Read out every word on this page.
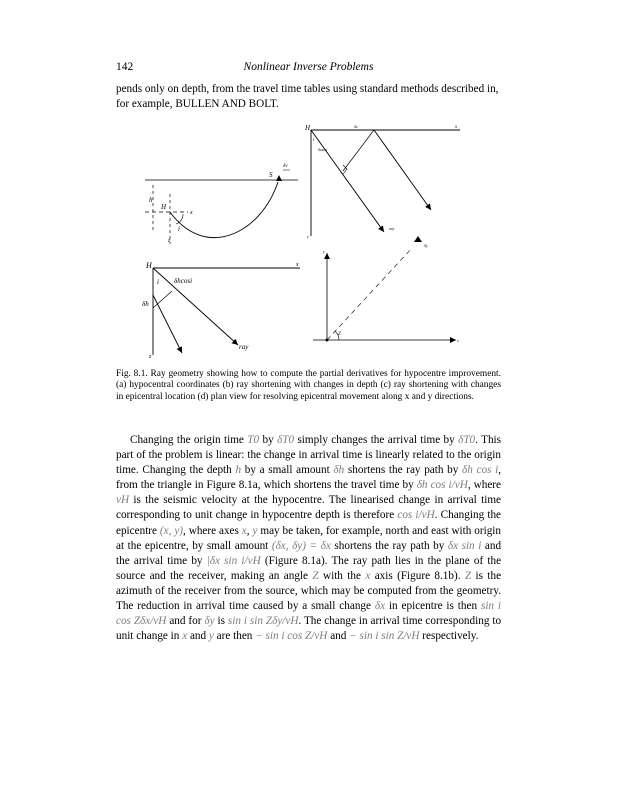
142	Nonlinear Inverse Problems
pends only on depth, from the travel time tables using standard methods described in, for example, BULLEN AND BOLT.
h
H
x
i
z
S
δv
H	x
i
δx
δxsini
ray
z
H	x
i δhcosi
δh
ray
z
y
x
Z
δy
Fig. 8.1. Ray geometry showing how to compute the partial derivatives for hypocentre improvement. (a) hypocentral coordinates (b) ray shortening with changes in depth (c) ray shortening with changes in epicentral location (d) plan view for resolving epicentral movement along x and y directions.

Changing the origin time T0 by δT0 simply changes the arrival time by δT0. This part of the problem is linear: the change in arrival time is linearly related to the origin time. Changing the depth h by a small amount δh shortens the ray path by δh cos i, from the triangle in Figure 8.1a, which shortens the travel time by δh cos i/vH, where vH is the seismic velocity at the hypocentre. The linearised change in arrival time corresponding to unit change in hypocentre depth is therefore cos i/vH. Changing the epicentre (x, y), where axes x, y may be taken, for example, north and east with origin at the epicentre, by small amount (δx, δy) = δx shortens the ray path by δx sin i and the arrival time by |δx sin i/vH (Figure 8.1a). The ray path lies in the plane of the source and the receiver, making an angle Z with the x axis (Figure 8.1b). Z is the azimuth of the receiver from the source, which may be computed from the geometry. The reduction in arrival time caused by a small change δx in epicentre is then sin i cos Zδx/vH and for δy is sin i sin Zδy/vH. The change in arrival time corresponding to unit change in x and y are then − sin i cos Z/vH and − sin i sin Z/vH respectively.
